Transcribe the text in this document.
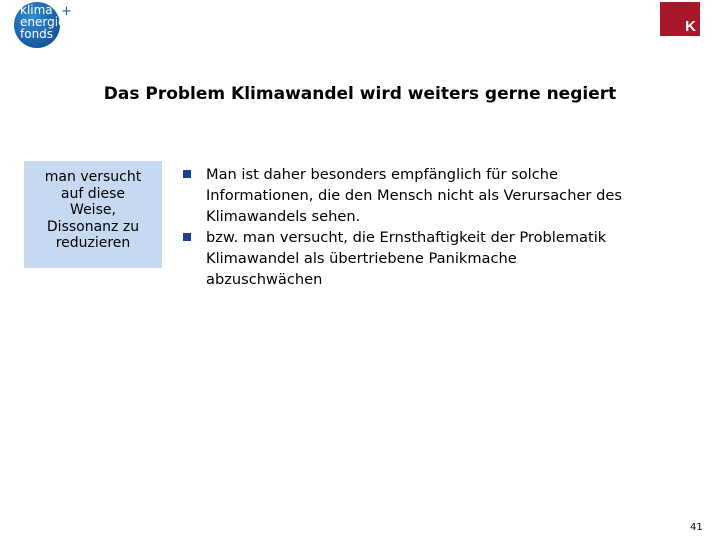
klima
energie
fonds
+
K
Das Problem Klimawandel wird weiters gerne negiert
man versucht
auf diese
Weise,
Dissonanz zu
reduzieren
Man ist daher besonders empfänglich für solche
Informationen, die den Mensch nicht als Verursacher des
Klimawandels sehen.
bzw. man versucht, die Ernsthaftigkeit der Problematik
Klimawandel als übertriebene Panikmache
abzuschwächen
41
